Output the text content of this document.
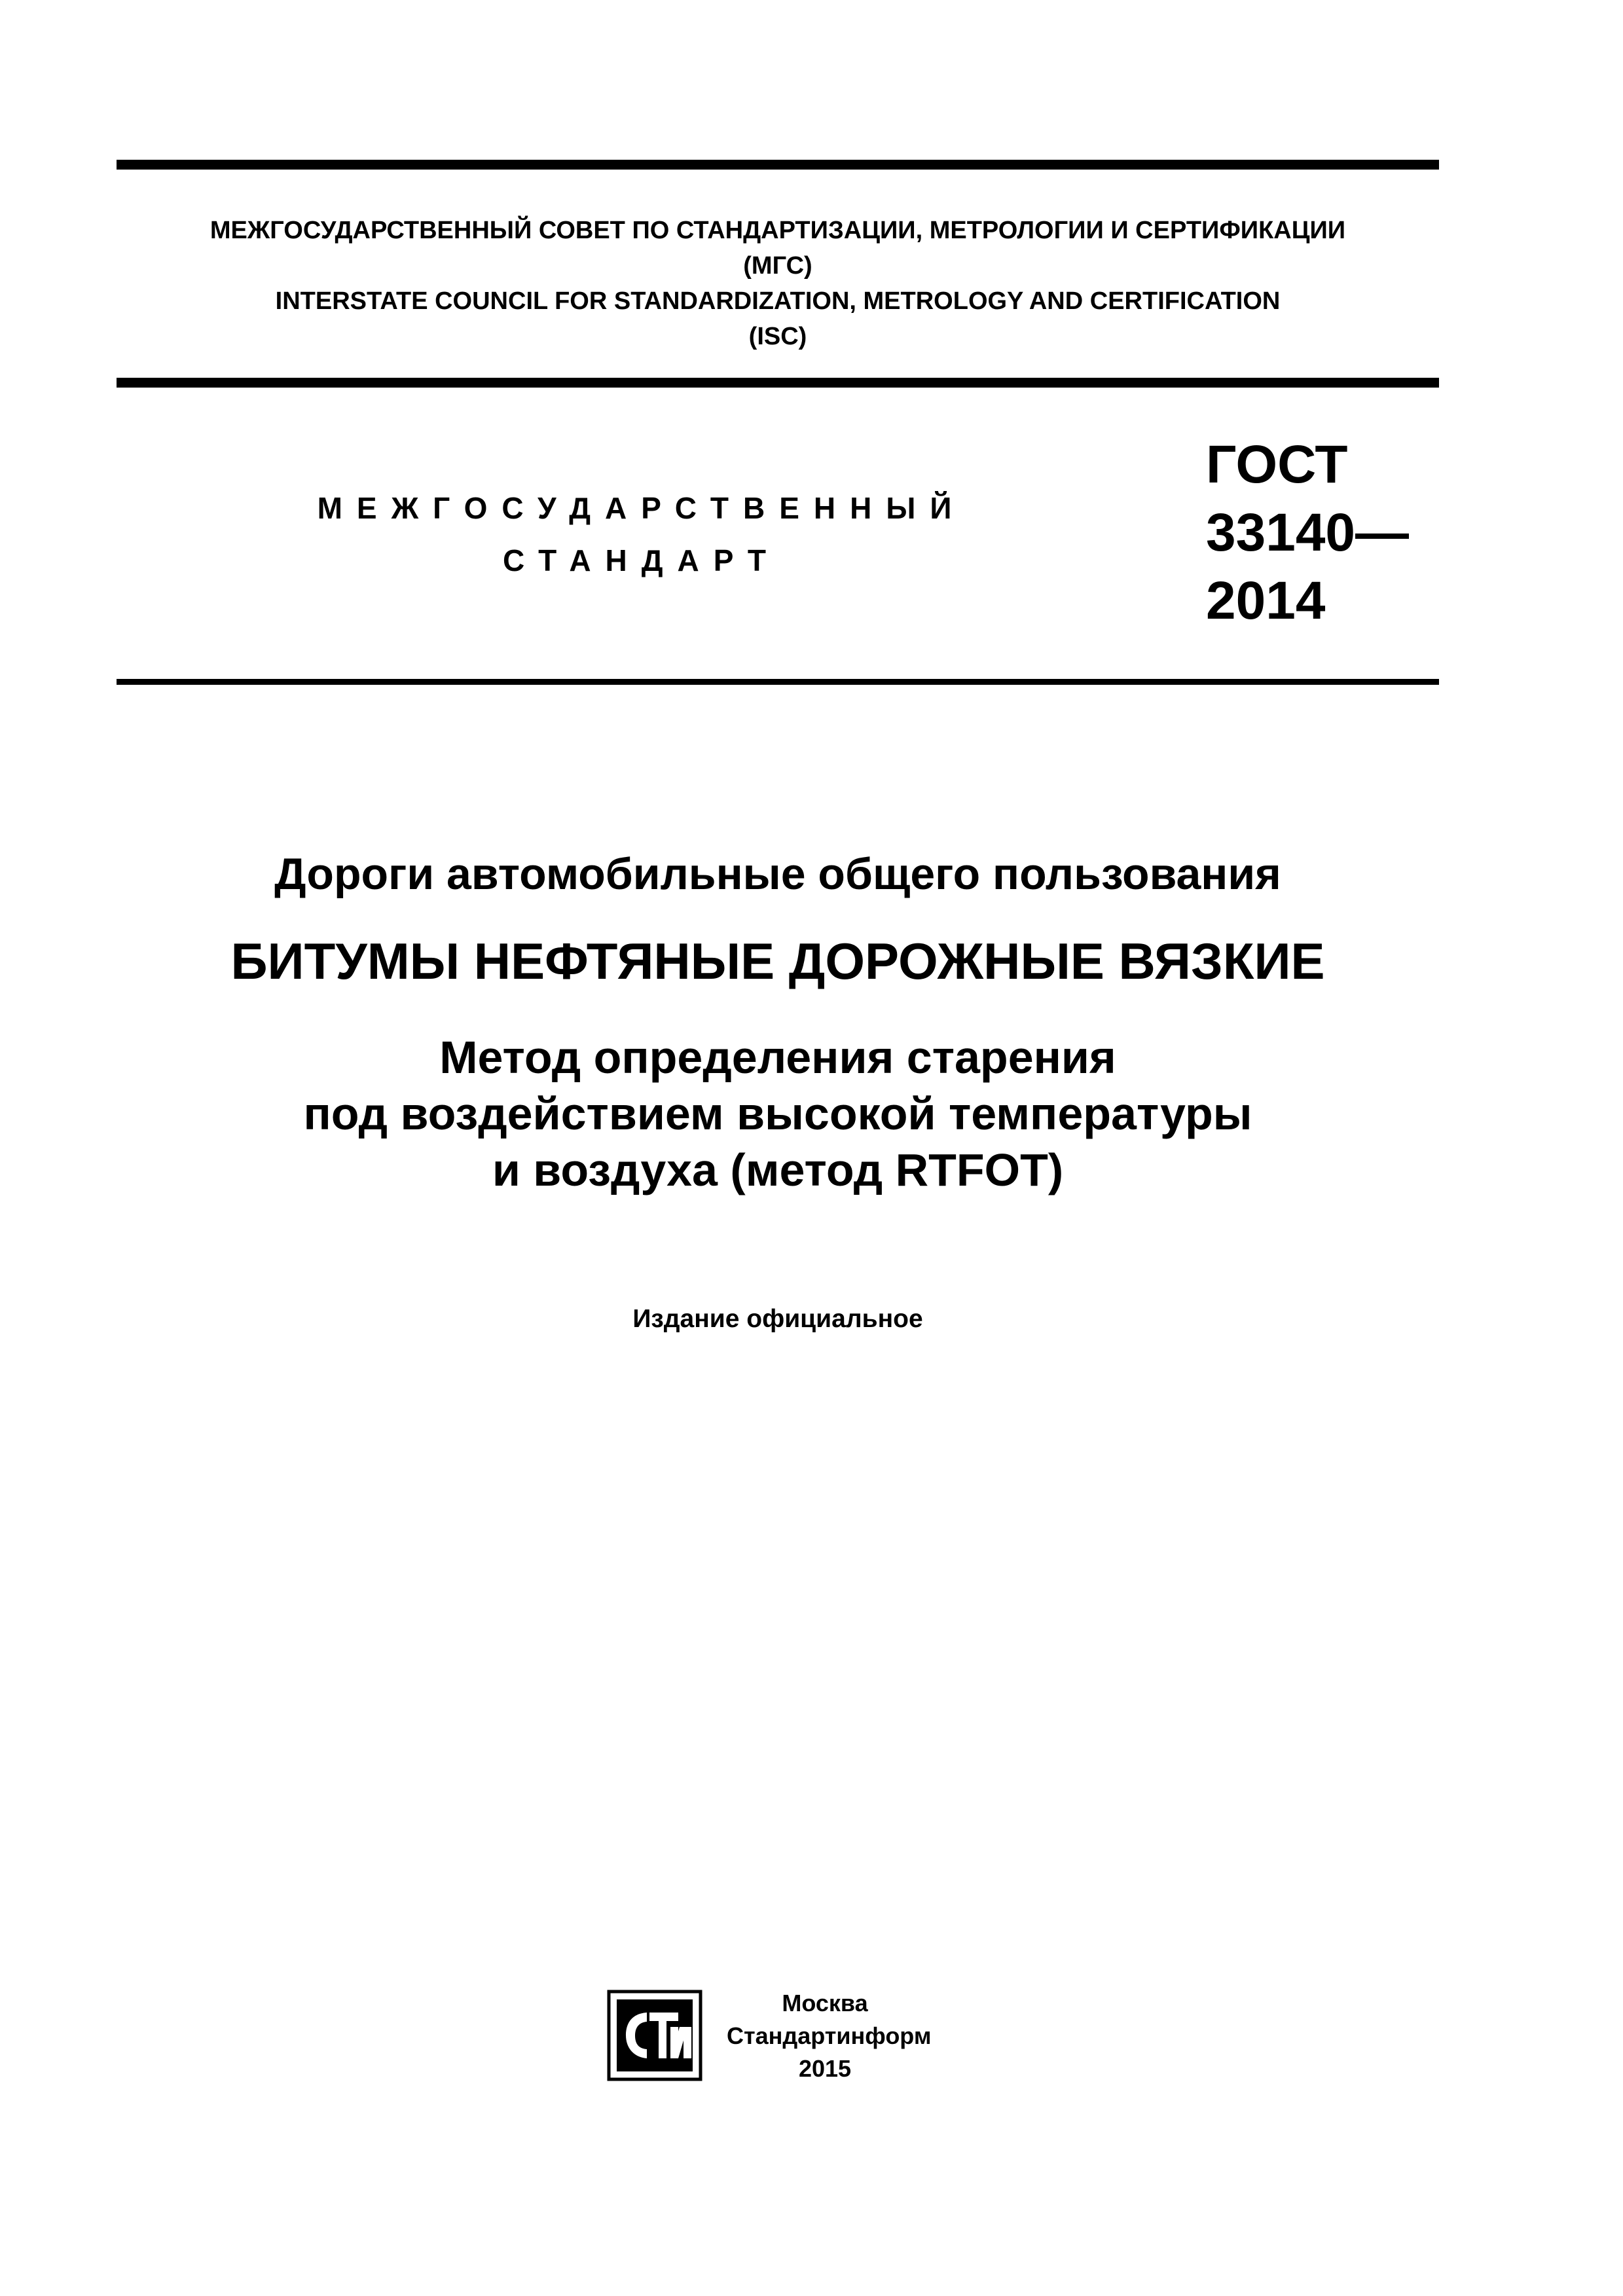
МЕЖГОСУДАРСТВЕННЫЙ СОВЕТ ПО СТАНДАРТИЗАЦИИ, МЕТРОЛОГИИ И СЕРТИФИКАЦИИ
(МГС)
INTERSTATE COUNCIL FOR STANDARDIZATION, METROLOGY AND CERTIFICATION
(ISC)
МЕЖГОСУДАРСТВЕННЫЙ
СТАНДАРТ
ГОСТ
33140—
2014
Дороги автомобильные общего пользования
БИТУМЫ НЕФТЯНЫЕ ДОРОЖНЫЕ ВЯЗКИЕ
Метод определения старения
под воздействием высокой температуры
и воздуха (метод RTFOT)
Издание официальное
Москва
Стандартинформ
2015
